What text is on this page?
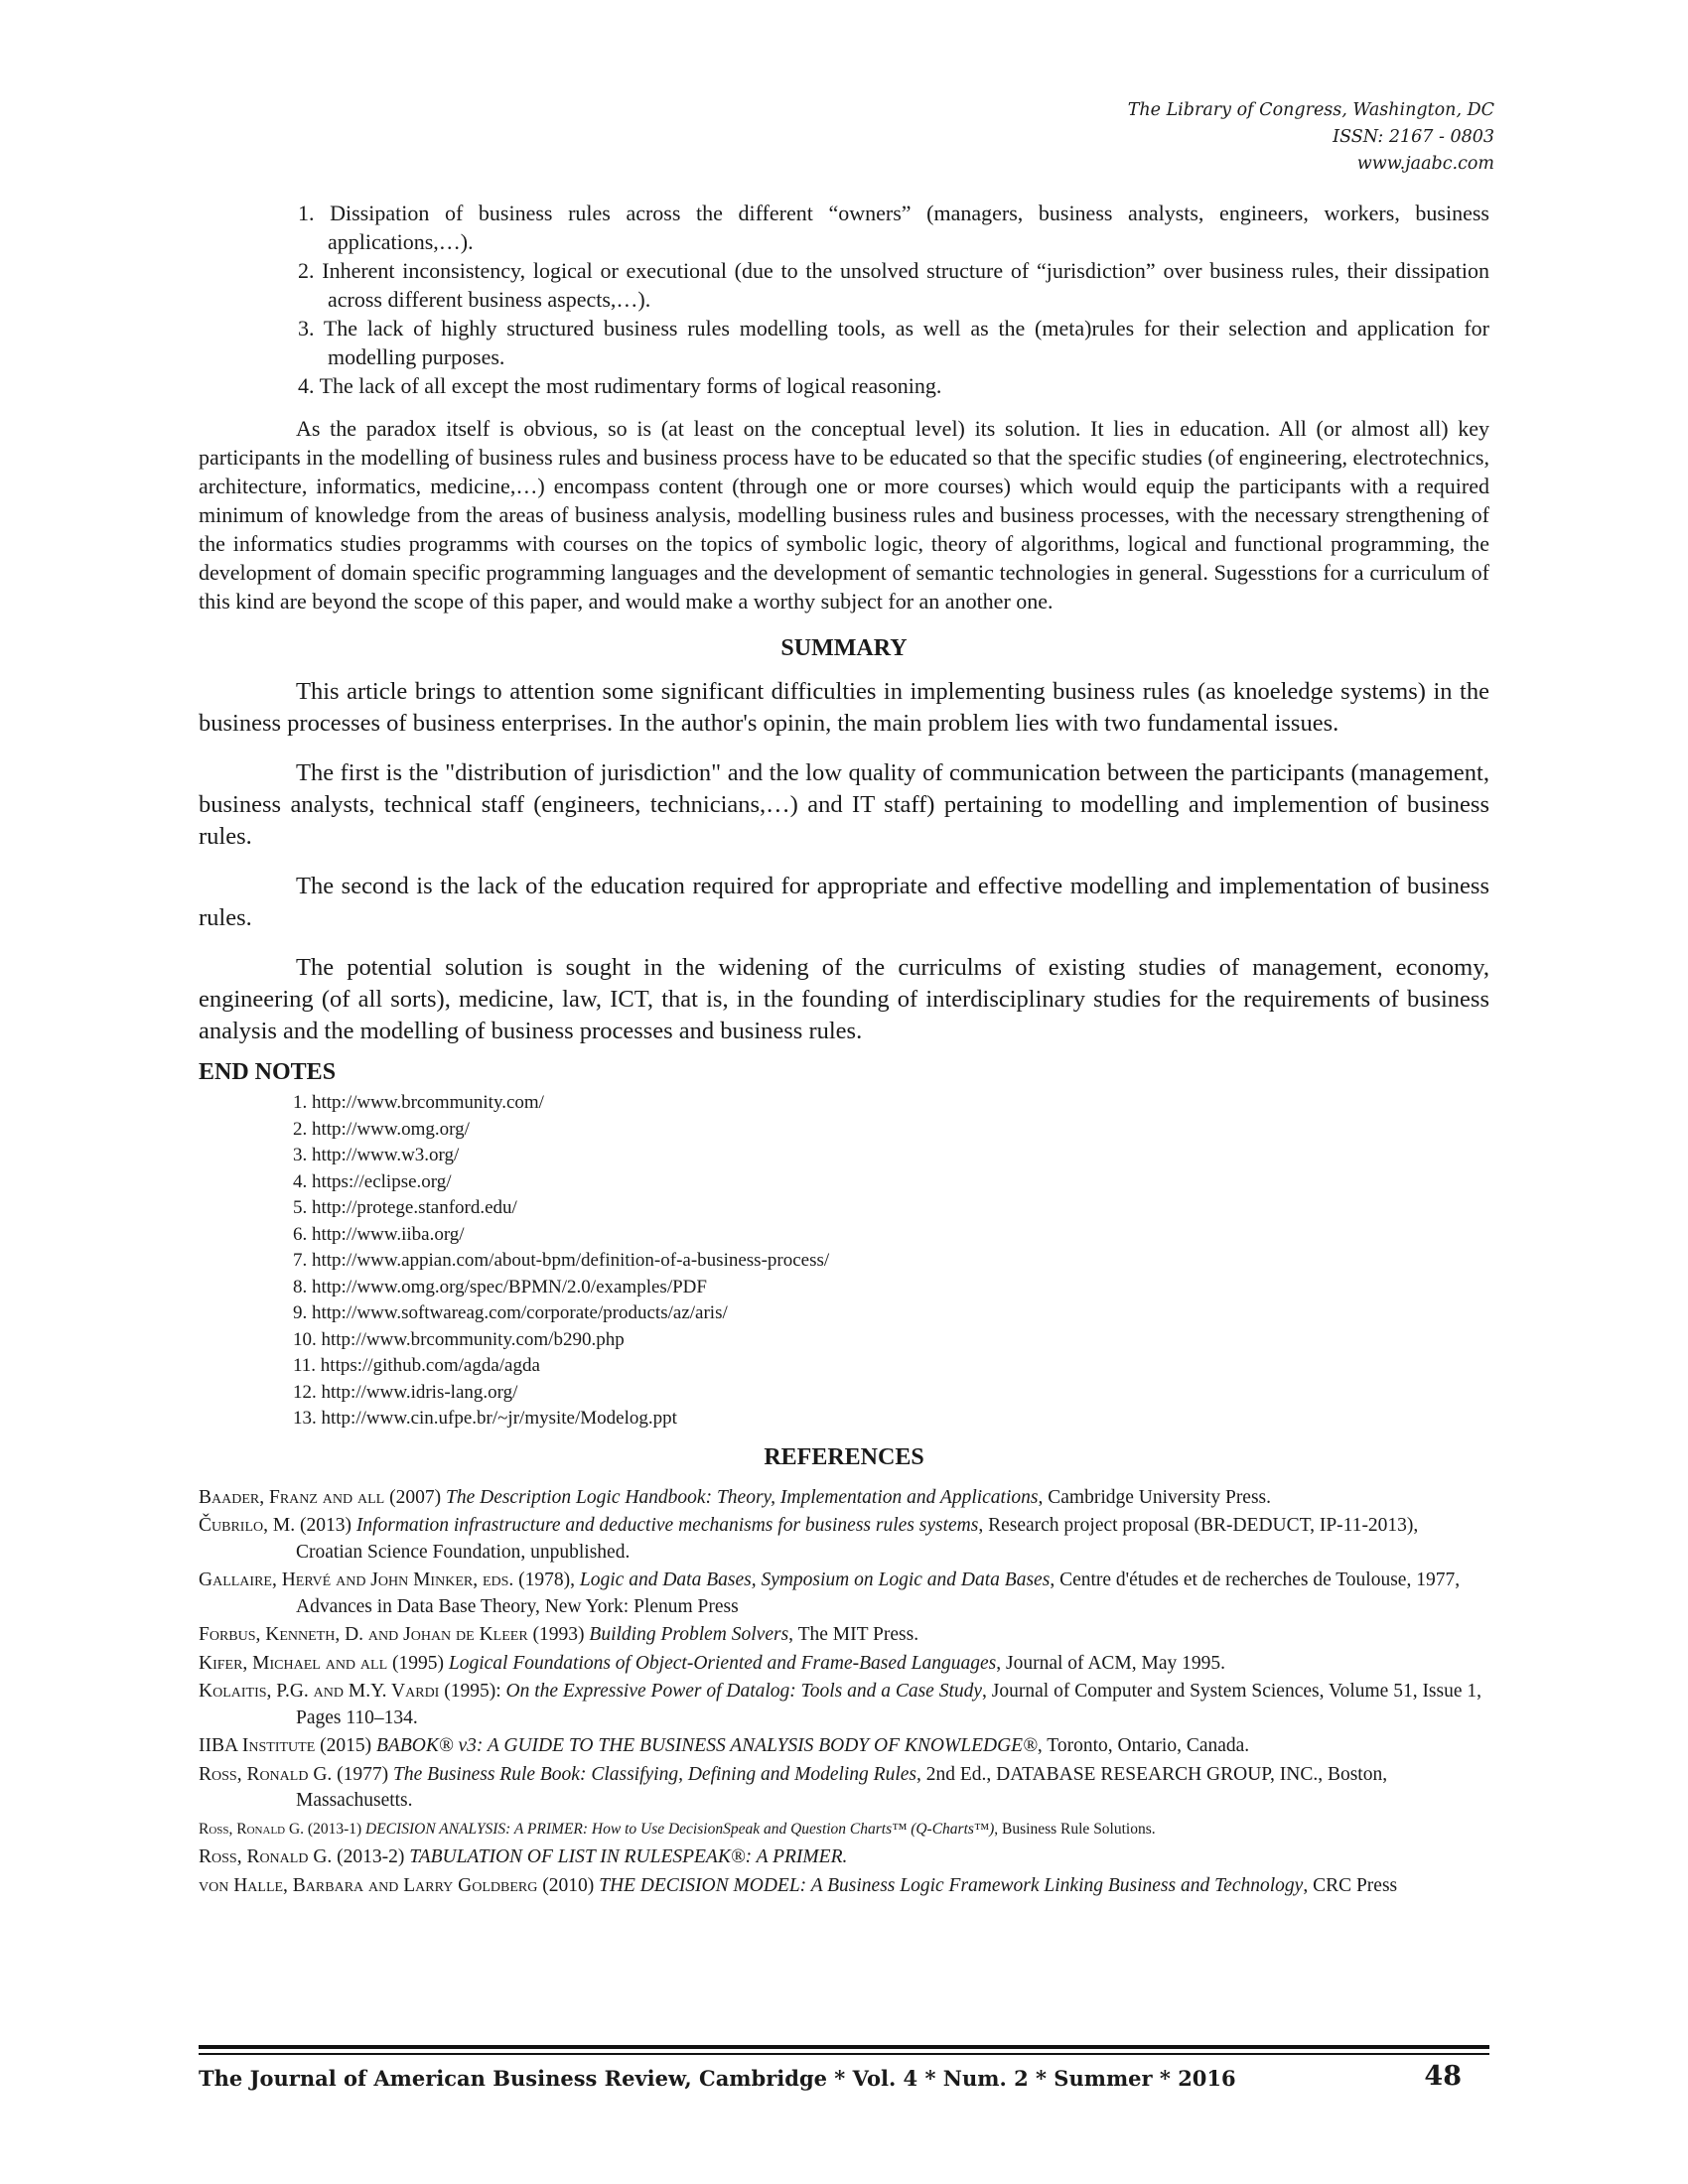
The Library of Congress, Washington, DC
ISSN: 2167 - 0803
www.jaabc.com
1. Dissipation of business rules across the different “owners” (managers, business analysts, engineers, workers, business applications,…).
2. Inherent inconsistency, logical or executional (due to the unsolved structure of “jurisdiction” over business rules, their dissipation across different business aspects,…).
3. The lack of highly structured business rules modelling tools, as well as the (meta)rules for their selection and application for modelling purposes.
4. The lack of all except the most rudimentary forms of logical reasoning.

As the paradox itself is obvious, so is (at least on the conceptual level) its solution. It lies in education. All (or almost all) key participants in the modelling of business rules and business process have to be educated so that the specific studies (of engineering, electrotechnics, architecture, informatics, medicine,…) encompass content (through one or more courses) which would equip the participants with a required minimum of knowledge from the areas of business analysis, modelling business rules and business processes, with the necessary strengthening of the informatics studies programms with courses on the topics of symbolic logic, theory of algorithms, logical and functional programming, the development of domain specific programming languages and the development of semantic technologies in general. Sugesstions for a curriculum of this kind are beyond the scope of this paper, and would make a worthy subject for an another one.

SUMMARY

This article brings to attention some significant difficulties in implementing business rules (as knoeledge systems) in the business processes of business enterprises. In the author's opinin, the main problem lies with two fundamental issues.

The first is the "distribution of jurisdiction" and the low quality of communication between the participants (management, business analysts, technical staff (engineers, technicians,…) and IT staff) pertaining to modelling and implemention of business rules.

The second is the lack of the education required for appropriate and effective modelling and implementation of business rules.

The potential solution is sought in the widening of the curriculms of existing studies of management, economy, engineering (of all sorts), medicine, law, ICT, that is, in the founding of interdisciplinary studies for the requirements of business analysis and the modelling of business processes and business rules.

END NOTES
1. http://www.brcommunity.com/
2. http://www.omg.org/
3. http://www.w3.org/
4. https://eclipse.org/
5. http://protege.stanford.edu/
6. http://www.iiba.org/
7. http://www.appian.com/about-bpm/definition-of-a-business-process/
8. http://www.omg.org/spec/BPMN/2.0/examples/PDF
9. http://www.softwareag.com/corporate/products/az/aris/
10. http://www.brcommunity.com/b290.php
11. https://github.com/agda/agda
12. http://www.idris-lang.org/
13. http://www.cin.ufpe.br/~jr/mysite/Modelog.ppt
REFERENCES
Baader, Franz and all (2007) The Description Logic Handbook: Theory, Implementation and Applications, Cambridge University Press.
Čubrilo, M. (2013) Information infrastructure and deductive mechanisms for business rules systems, Research project proposal (BR-DEDUCT, IP-11-2013), Croatian Science Foundation, unpublished.
Gallaire, Hervé and John Minker, eds. (1978), Logic and Data Bases, Symposium on Logic and Data Bases, Centre d'études et de recherches de Toulouse, 1977, Advances in Data Base Theory, New York: Plenum Press
Forbus, Kenneth, D. and Johan de Kleer (1993) Building Problem Solvers, The MIT Press.
Kifer, Michael and all (1995) Logical Foundations of Object-Oriented and Frame-Based Languages, Journal of ACM, May 1995.
Kolaitis, P.G. and M.Y. Vardi (1995): On the Expressive Power of Datalog: Tools and a Case Study, Journal of Computer and System Sciences, Volume 51, Issue 1, Pages 110–134.
IIBA Institute (2015) BABOK® v3: A GUIDE TO THE BUSINESS ANALYSIS BODY OF KNOWLEDGE®, Toronto, Ontario, Canada.
Ross, Ronald G. (1977) The Business Rule Book: Classifying, Defining and Modeling Rules, 2nd Ed., DATABASE RESEARCH GROUP, INC., Boston, Massachusetts.
Ross, Ronald G. (2013-1) DECISION ANALYSIS: A PRIMER: How to Use DecisionSpeak and Question Charts™ (Q-Charts™), Business Rule Solutions.
Ross, Ronald G. (2013-2) TABULATION OF LIST IN RULESPEAK®: A PRIMER.
von Halle, Barbara and Larry Goldberg (2010) THE DECISION MODEL: A Business Logic Framework Linking Business and Technology, CRC Press
The Journal of American Business Review, Cambridge * Vol. 4 * Num. 2 * Summer * 2016	48
